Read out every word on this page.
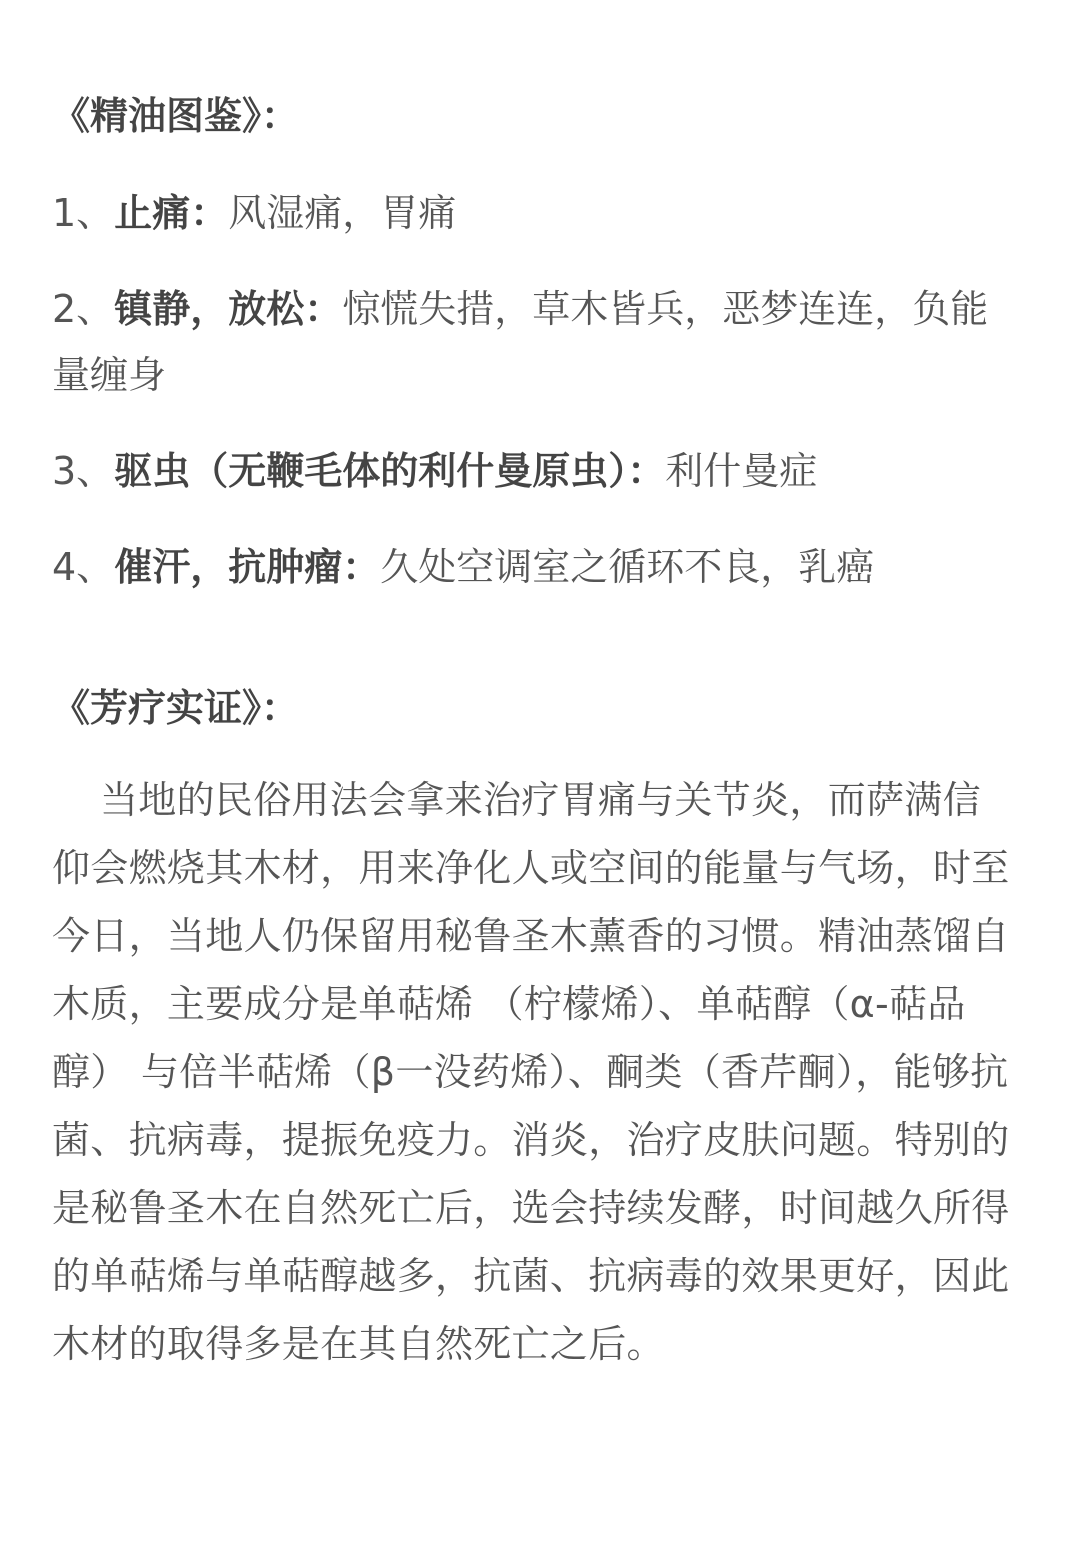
《精油图鉴》：
1、止痛：风湿痛，胃痛
2、镇静，放松：惊慌失措，草木皆兵，恶梦连连，负能量缠身
3、驱虫（无鞭毛体的利什曼原虫）：利什曼症
4、催汗，抗肿瘤：久处空调室之循环不良，乳癌
《芳疗实证》：
当地的民俗用法会拿来治疗胃痛与关节炎，而萨满信仰会燃烧其木材，用来净化人或空间的能量与气场，时至今日，当地人仍保留用秘鲁圣木薰香的习惯。精油蒸馏自木质，主要成分是单萜烯 （柠檬烯）、单萜醇（α-萜品醇） 与倍半萜烯（β一没药烯）、酮类（香芹酮），能够抗菌、抗病毒，提振免疫力。消炎，治疗皮肤问题。特别的是秘鲁圣木在自然死亡后，选会持续发酵，时间越久所得的单萜烯与单萜醇越多，抗菌、抗病毒的效果更好，因此木材的取得多是在其自然死亡之后。
